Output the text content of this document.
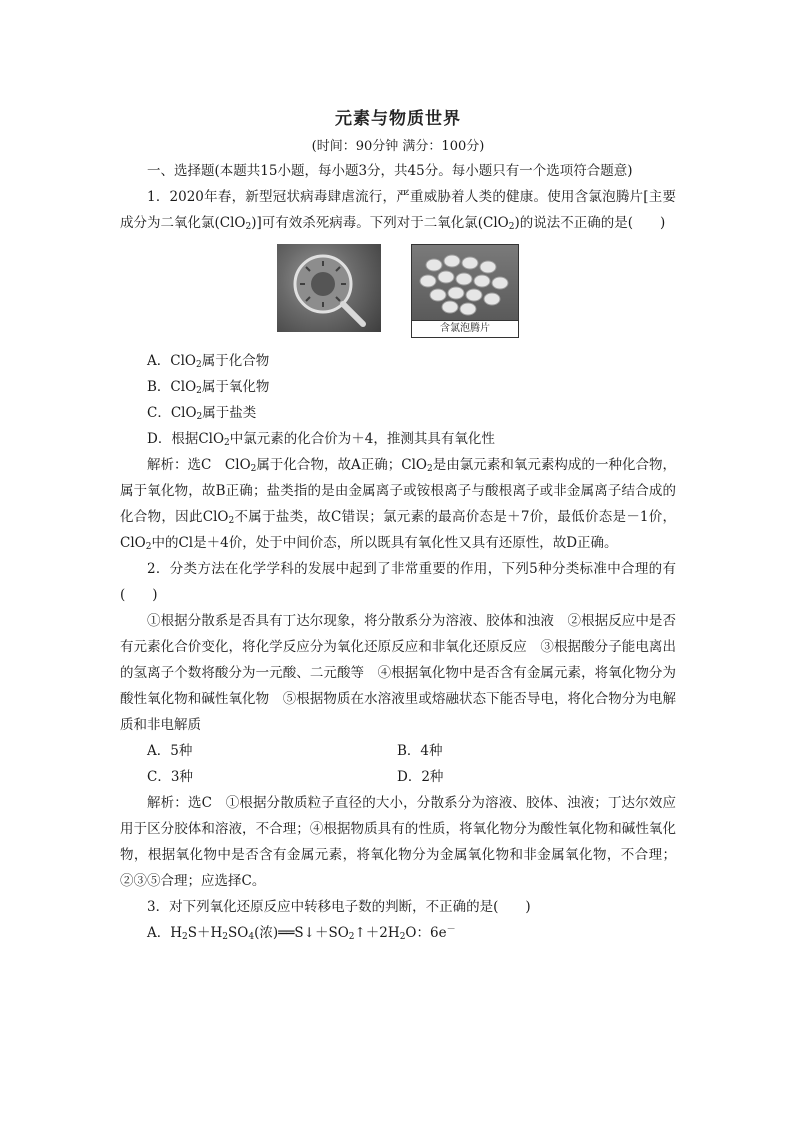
元素与物质世界
(时间：90分钟 满分：100分)

一、选择题(本题共15小题，每小题3分，共45分。每小题只有一个选项符合题意)

1．2020年春，新型冠状病毒肆虐流行，严重威胁着人类的健康。使用含氯泡腾片[主要成分为二氧化氯(ClO$_2$)]可有效杀死病毒。下列对于二氧化氯(ClO$_2$)的说法不正确的是(　　)

含氯泡腾片
A．ClO$_2$属于化合物
B．ClO$_2$属于氧化物
C．ClO$_2$属于盐类
D．根据ClO$_2$中氯元素的化合价为＋4，推测其具有氧化性

解析：选C　ClO$_2$属于化合物，故A正确；ClO$_2$是由氯元素和氧元素构成的一种化合物，属于氧化物，故B正确；盐类指的是由金属离子或铵根离子与酸根离子或非金属离子结合成的化合物，因此ClO$_2$不属于盐类，故C错误；氯元素的最高价态是＋7价，最低价态是－1价，ClO$_2$中的Cl是＋4价，处于中间价态，所以既具有氧化性又具有还原性，故D正确。

2．分类方法在化学学科的发展中起到了非常重要的作用，下列5种分类标准中合理的有(　　)

①根据分散系是否具有丁达尔现象，将分散系分为溶液、胶体和浊液　②根据反应中是否有元素化合价变化，将化学反应分为氧化还原反应和非氧化还原反应　③根据酸分子能电离出的氢离子个数将酸分为一元酸、二元酸等　④根据氧化物中是否含有金属元素，将氧化物分为酸性氧化物和碱性氧化物　⑤根据物质在水溶液里或熔融状态下能否导电，将化合物分为电解质和非电解质

A．5种	B．4种
C．3种	D．2种

解析：选C　①根据分散质粒子直径的大小，分散系分为溶液、胶体、浊液；丁达尔效应用于区分胶体和溶液，不合理；④根据物质具有的性质，将氧化物分为酸性氧化物和碱性氧化物，根据氧化物中是否含有金属元素，将氧化物分为金属氧化物和非金属氧化物，不合理；②③⑤合理；应选择C。

3．对下列氧化还原反应中转移电子数的判断，不正确的是(　　)

A．$H_2S+H_2SO_4$(浓)$══S↓+SO_2↑+2H_2O$：6e－
